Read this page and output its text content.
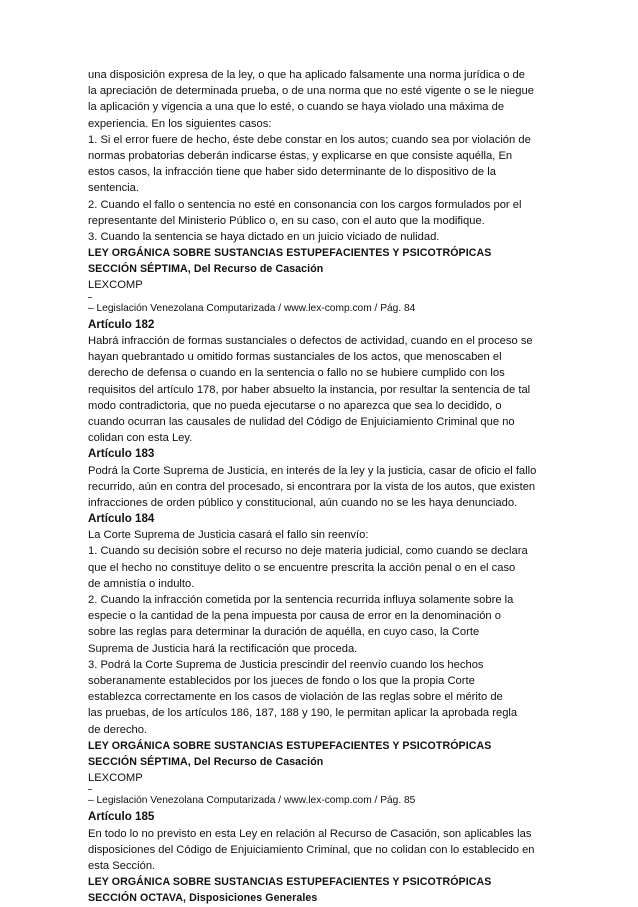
una disposición expresa de la ley, o que ha aplicado falsamente una norma jurídica o de
la apreciación de determinada prueba, o de una norma que no esté vigente o se le niegue
la aplicación y vigencia a una que lo esté, o cuando se haya violado una máxima de
experiencia. En los siguientes casos:
1. Si el error fuere de hecho, éste debe constar en los autos; cuando sea por violación de
normas probatorias deberán indicarse éstas, y explicarse en que consiste aquélla, En
estos casos, la infracción tiene que haber sido determinante de lo dispositivo de la
sentencia.
2. Cuando el fallo o sentencia no esté en consonancia con los cargos formulados por el
representante del Ministerio Público o, en su caso, con el auto que la modifique.
3. Cuando la sentencia se haya dictado en un juicio viciado de nulidad.
LEY ORGÁNICA SOBRE SUSTANCIAS ESTUPEFACIENTES Y PSICOTRÓPICAS
SECCIÓN SÉPTIMA, Del Recurso de Casación
LEXCOMP
– Legislación Venezolana Computarizada / www.lex-comp.com / Pág. 84
Artículo 182
Habrá infracción de formas sustanciales o defectos de actividad, cuando en el proceso se
hayan quebrantado u omitido formas sustanciales de los actos, que menoscaben el
derecho de defensa o cuando en la sentencia o fallo no se hubiere cumplido con los
requisitos del artículo 178, por haber absuelto la instancia, por resultar la sentencia de tal
modo contradictoria, que no pueda ejecutarse o no aparezca que sea lo decidido, o
cuando ocurran las causales de nulidad del Código de Enjuiciamiento Criminal que no
colidan con esta Ley.
Artículo 183
Podrá la Corte Suprema de Justicia, en interés de la ley y la justicia, casar de oficio el fallo
recurrido, aún en contra del procesado, si encontrara por la vista de los autos, que existen
infracciones de orden público y constitucional, aún cuando no se les haya denunciado.
Artículo 184
La Corte Suprema de Justicia casará el fallo sin reenvío:
1. Cuando su decisión sobre el recurso no deje materia judicial, como cuando se declara
que el hecho no constituye delito o se encuentre prescrita la acción penal o en el caso
de amnistía o indulto.
2. Cuando la infracción cometida por la sentencia recurrida influya solamente sobre la
especie o la cantidad de la pena impuesta por causa de error en la denominación o
sobre las reglas para determinar la duración de aquélla, en cuyo caso, la Corte
Suprema de Justicia hará la rectificación que proceda.
3. Podrá la Corte Suprema de Justicia prescindir del reenvío cuando los hechos
soberanamente establecidos por los jueces de fondo o los que la propia Corte
establezca correctamente en los casos de violación de las reglas sobre el mérito de
las pruebas, de los artículos 186, 187, 188 y 190, le permitan aplicar la aprobada regla
de derecho.
LEY ORGÁNICA SOBRE SUSTANCIAS ESTUPEFACIENTES Y PSICOTRÓPICAS
SECCIÓN SÉPTIMA, Del Recurso de Casación
LEXCOMP
– Legislación Venezolana Computarizada / www.lex-comp.com / Pág. 85
Artículo 185
En todo lo no previsto en esta Ley en relación al Recurso de Casación, son aplicables las
disposiciones del Código de Enjuiciamiento Criminal, que no colidan con lo establecido en
esta Sección.
LEY ORGÁNICA SOBRE SUSTANCIAS ESTUPEFACIENTES Y PSICOTRÓPICAS
SECCIÓN OCTAVA, Disposiciones Generales
